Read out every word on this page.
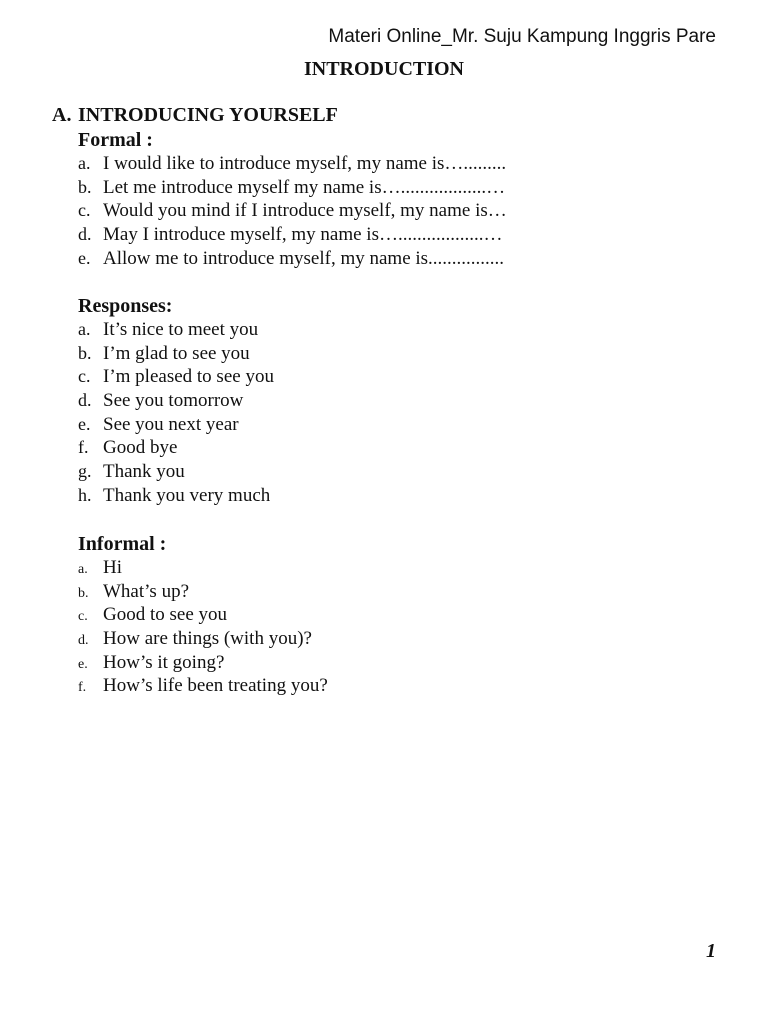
Materi Online_Mr. Suju Kampung Inggris Pare
INTRODUCTION
A. INTRODUCING YOURSELF
Formal :
a. I would like to introduce myself, my name is….........
b. Let me introduce myself my name is…..................…
c. Would you mind if I introduce myself, my name is…
d. May I introduce myself, my name is…..................…
e. Allow me to introduce myself, my name is................
Responses:
a. It’s nice to meet you
b. I’m glad to see you
c. I’m pleased to see you
d. See you tomorrow
e. See you next year
f. Good bye
g. Thank you
h. Thank you very much
Informal :
a. Hi
b. What’s up?
c. Good to see you
d. How are things (with you)?
e. How’s it going?
f. How’s life been treating you?
1
